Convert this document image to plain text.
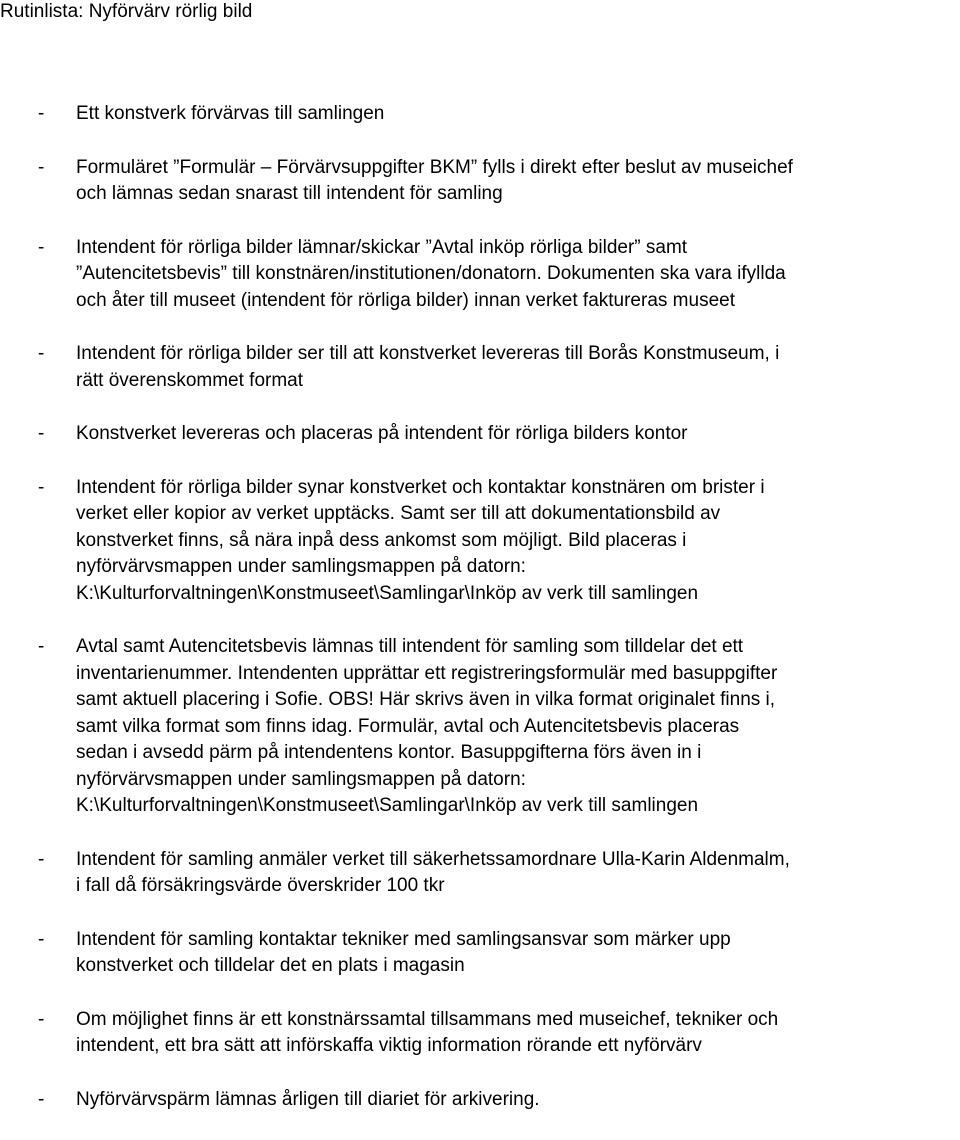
Rutinlista: Nyförvärv rörlig bild
- Ett konstverk förvärvas till samlingen
- Formuläret ”Formulär – Förvärvsuppgifter BKM” fylls i direkt efter beslut av museichef
och lämnas sedan snarast till intendent för samling
- Intendent för rörliga bilder lämnar/skickar ”Avtal inköp rörliga bilder” samt
”Autencitetsbevis” till konstnären/institutionen/donatorn. Dokumenten ska vara ifyllda
och åter till museet (intendent för rörliga bilder) innan verket faktureras museet
- Intendent för rörliga bilder ser till att konstverket levereras till Borås Konstmuseum, i
rätt överenskommet format
- Konstverket levereras och placeras på intendent för rörliga bilders kontor
- Intendent för rörliga bilder synar konstverket och kontaktar konstnären om brister i
verket eller kopior av verket upptäcks. Samt ser till att dokumentationsbild av
konstverket finns, så nära inpå dess ankomst som möjligt. Bild placeras i
nyförvärvsmappen under samlingsmappen på datorn:
K:\Kulturforvaltningen\Konstmuseet\Samlingar\Inköp av verk till samlingen
- Avtal samt Autencitetsbevis lämnas till intendent för samling som tilldelar det ett
inventarienummer. Intendenten upprättar ett registreringsformulär med basuppgifter
samt aktuell placering i Sofie. OBS! Här skrivs även in vilka format originalet finns i,
samt vilka format som finns idag. Formulär, avtal och Autencitetsbevis placeras
sedan i avsedd pärm på intendentens kontor. Basuppgifterna förs även in i
nyförvärvsmappen under samlingsmappen på datorn:
K:\Kulturforvaltningen\Konstmuseet\Samlingar\Inköp av verk till samlingen
- Intendent för samling anmäler verket till säkerhetssamordnare Ulla-Karin Aldenmalm,
i fall då försäkringsvärde överskrider 100 tkr
- Intendent för samling kontaktar tekniker med samlingsansvar som märker upp
konstverket och tilldelar det en plats i magasin
- Om möjlighet finns är ett konstnärssamtal tillsammans med museichef, tekniker och
intendent, ett bra sätt att införskaffa viktig information rörande ett nyförvärv
- Nyförvärvspärm lämnas årligen till diariet för arkivering.
